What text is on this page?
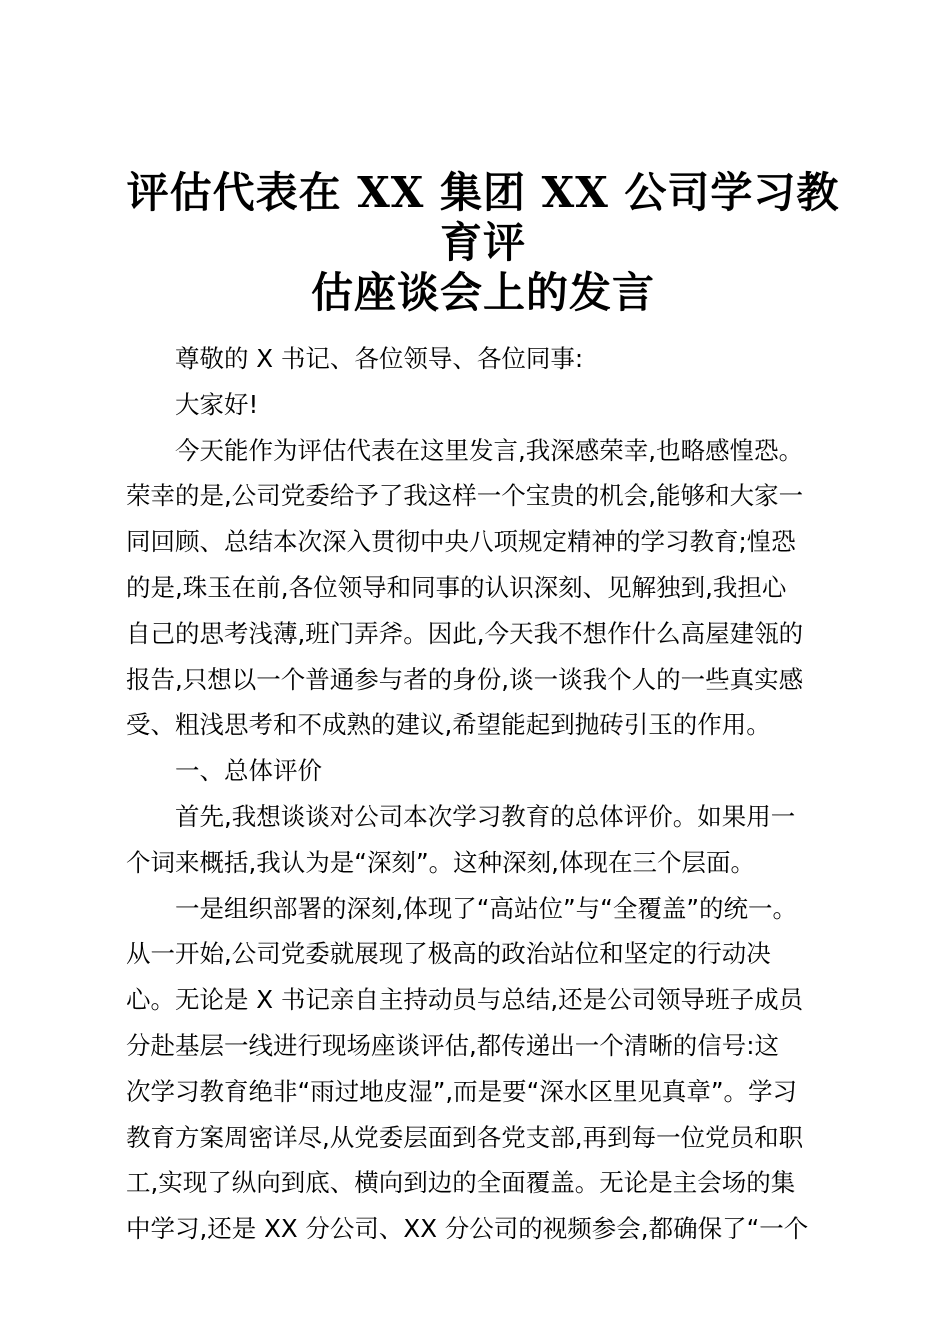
评估代表在 XX 集团 XX 公司学习教育评
估座谈会上的发言

尊敬的 X 书记、各位领导、各位同事:

大家好!

今天能作为评估代表在这里发言,我深感荣幸,也略感惶恐。
荣幸的是,公司党委给予了我这样一个宝贵的机会,能够和大家一
同回顾、总结本次深入贯彻中央八项规定精神的学习教育;惶恐
的是,珠玉在前,各位领导和同事的认识深刻、见解独到,我担心
自己的思考浅薄,班门弄斧。因此,今天我不想作什么高屋建瓴的
报告,只想以一个普通参与者的身份,谈一谈我个人的一些真实感
受、粗浅思考和不成熟的建议,希望能起到抛砖引玉的作用。

一、总体评价

首先,我想谈谈对公司本次学习教育的总体评价。如果用一
个词来概括,我认为是“深刻”。这种深刻,体现在三个层面。

一是组织部署的深刻,体现了“高站位”与“全覆盖”的统一。
从一开始,公司党委就展现了极高的政治站位和坚定的行动决
心。无论是 X 书记亲自主持动员与总结,还是公司领导班子成员
分赴基层一线进行现场座谈评估,都传递出一个清晰的信号:这
次学习教育绝非“雨过地皮湿”,而是要“深水区里见真章”。学习
教育方案周密详尽,从党委层面到各党支部,再到每一位党员和职
工,实现了纵向到底、横向到边的全面覆盖。无论是主会场的集
中学习,还是 XX 分公司、XX 分公司的视频参会,都确保了“一个
